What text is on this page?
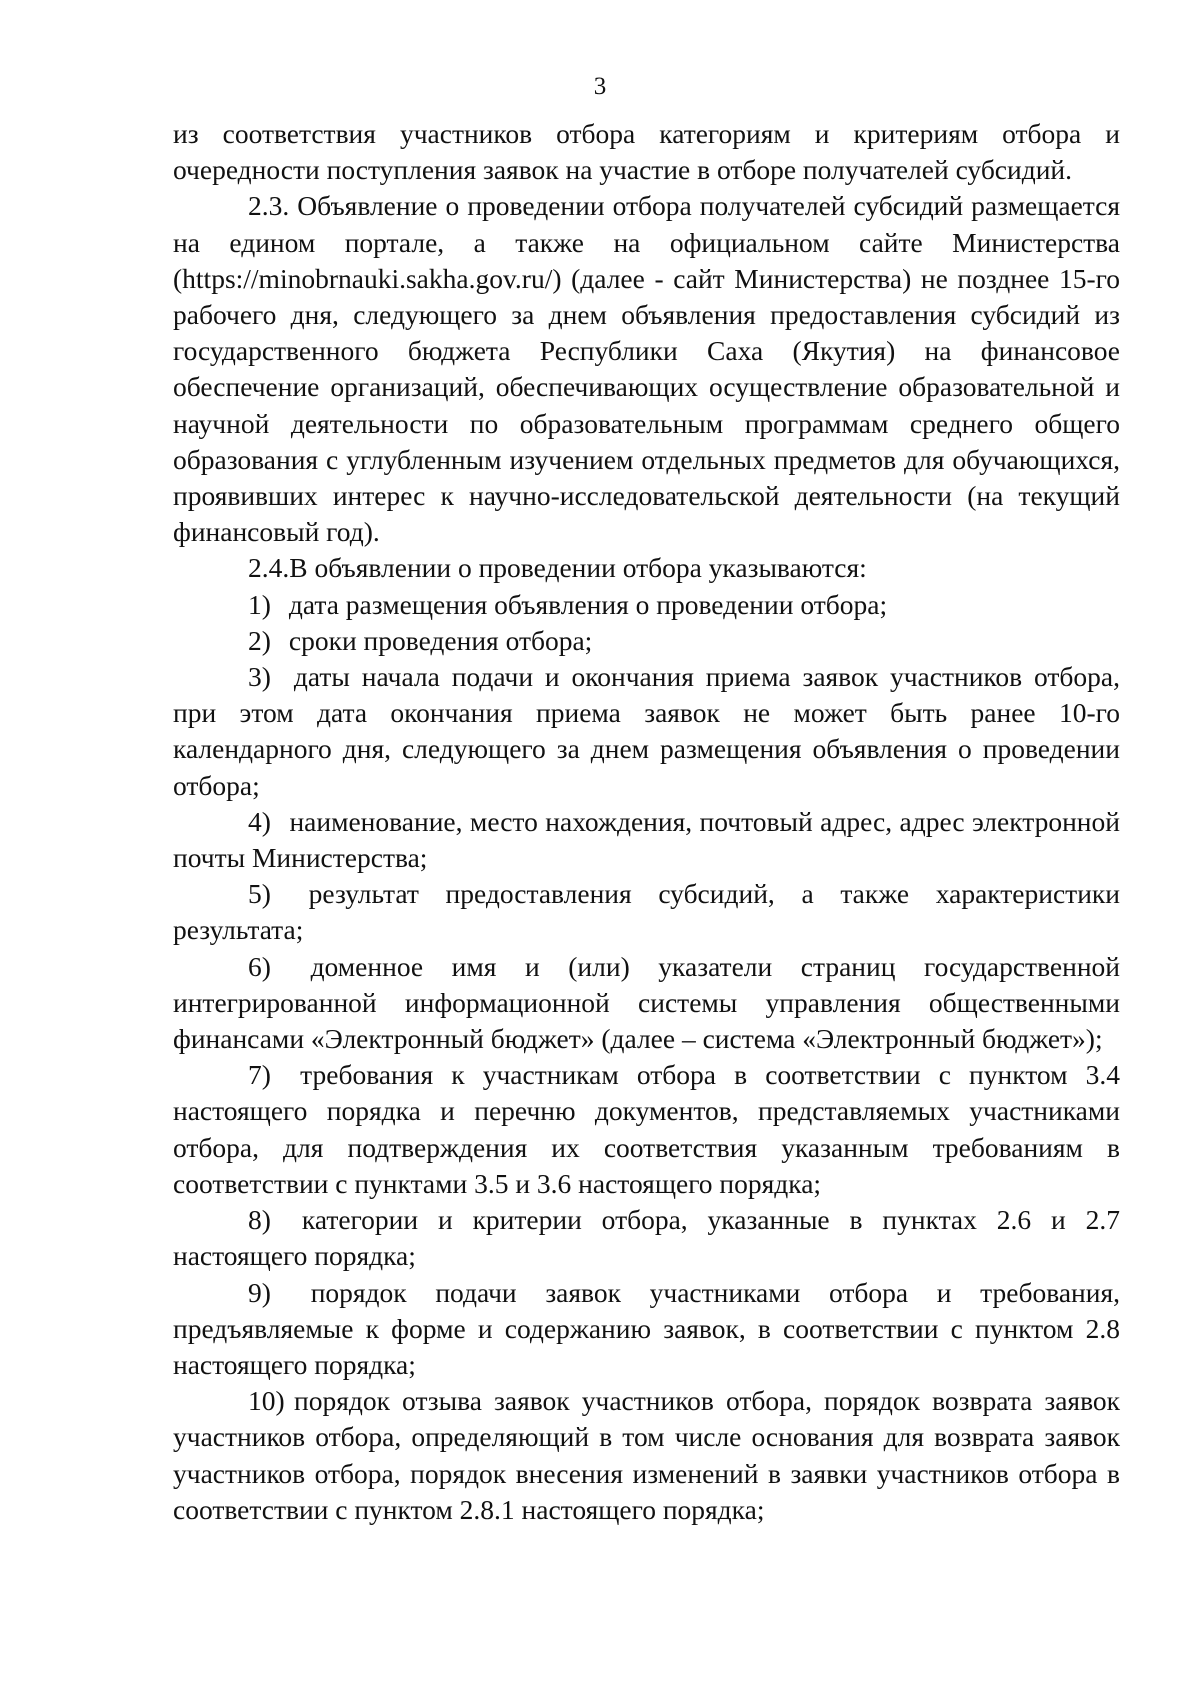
3

из соответствия участников отбора категориям и критериям отбора и очередности поступления заявок на участие в отборе получателей субсидий.

2.3. Объявление о проведении отбора получателей субсидий размещается на едином портале, а также на официальном сайте Министерства (https://minobrnauki.sakha.gov.ru/) (далее - сайт Министерства) не позднее 15-го рабочего дня, следующего за днем объявления предоставления субсидий из государственного бюджета Республики Саха (Якутия) на финансовое обеспечение организаций, обеспечивающих осуществление образовательной и научной деятельности по образовательным программам среднего общего образования с углубленным изучением отдельных предметов для обучающихся, проявивших интерес к научно-исследовательской деятельности (на текущий финансовый год).

2.4.В объявлении о проведении отбора указываются:

1) дата размещения объявления о проведении отбора;

2) сроки проведения отбора;

3) даты начала подачи и окончания приема заявок участников отбора, при этом дата окончания приема заявок не может быть ранее 10-го календарного дня, следующего за днем размещения объявления о проведении отбора;

4) наименование, место нахождения, почтовый адрес, адрес электронной почты Министерства;

5) результат предоставления субсидий, а также характеристики результата;

6) доменное имя и (или) указатели страниц государственной интегрированной информационной системы управления общественными финансами «Электронный бюджет» (далее – система «Электронный бюджет»);

7) требования к участникам отбора в соответствии с пунктом 3.4 настоящего порядка и перечню документов, представляемых участниками отбора, для подтверждения их соответствия указанным требованиям в соответствии с пунктами 3.5 и 3.6 настоящего порядка;

8) категории и критерии отбора, указанные в пунктах 2.6 и 2.7 настоящего порядка;

9) порядок подачи заявок участниками отбора и требования, предъявляемые к форме и содержанию заявок, в соответствии с пунктом 2.8 настоящего порядка;

10) порядок отзыва заявок участников отбора, порядок возврата заявок участников отбора, определяющий в том числе основания для возврата заявок участников отбора, порядок внесения изменений в заявки участников отбора в соответствии с пунктом 2.8.1 настоящего порядка;
